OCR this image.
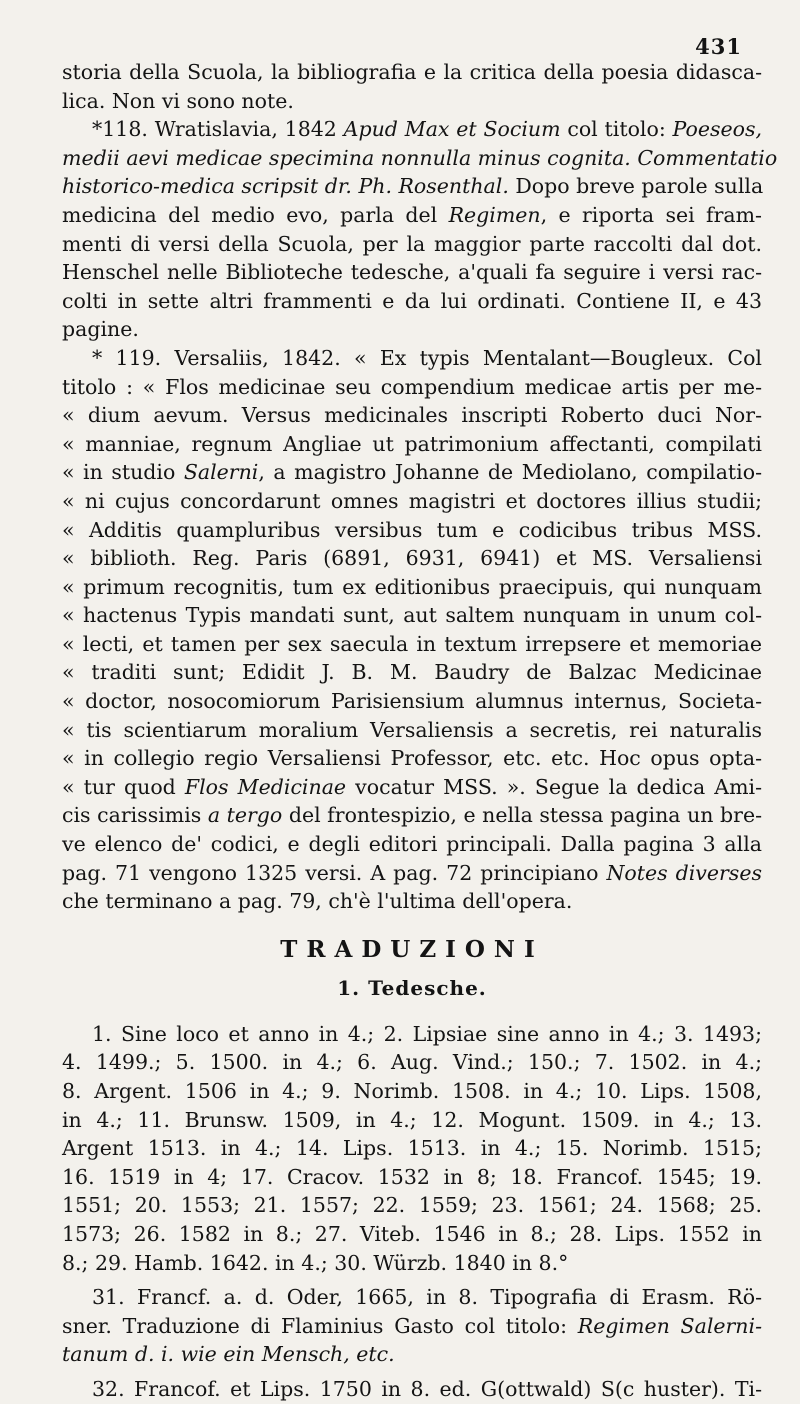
431
storia della Scuola, la bibliografia e la critica della poesia didasca-
lica. Non vi sono note.
*118. Wratislavia, 1842 Apud Max et Socium col titolo: Poeseos,
medii aevi medicae specimina nonnulla minus cognita. Commentatio
historico-medica scripsit dr. Ph. Rosenthal. Dopo breve parole sulla
medicina del medio evo, parla del Regimen, e riporta sei fram-
menti di versi della Scuola, per la maggior parte raccolti dal dot.
Henschel nelle Biblioteche tedesche, a'quali fa seguire i versi rac-
colti in sette altri frammenti e da lui ordinati. Contiene II, e 43
pagine.
* 119. Versaliis, 1842. « Ex typis Mentalant—Bougleux. Col
titolo : « Flos medicinae seu compendium medicae artis per me-
« dium aevum. Versus medicinales inscripti Roberto duci Nor-
« manniae, regnum Angliae ut patrimonium affectanti, compilati
« in studio Salerni, a magistro Johanne de Mediolano, compilatio-
« ni cujus concordarunt omnes magistri et doctores illius studii;
« Additis quampluribus versibus tum e codicibus tribus MSS.
« biblioth. Reg. Paris (6891, 6931, 6941) et MS. Versaliensi
« primum recognitis, tum ex editionibus praecipuis, qui nunquam
« hactenus Typis mandati sunt, aut saltem nunquam in unum col-
« lecti, et tamen per sex saecula in textum irrepsere et memoriae
« traditi sunt; Edidit J. B. M. Baudry de Balzac Medicinae
« doctor, nosocomiorum Parisiensium alumnus internus, Societa-
« tis scientiarum moralium Versaliensis a secretis, rei naturalis
« in collegio regio Versaliensi Professor, etc. etc. Hoc opus opta-
« tur quod Flos Medicinae vocatur MSS. ». Segue la dedica Ami-
cis carissimis a tergo del frontespizio, e nella stessa pagina un bre-
ve elenco de' codici, e degli editori principali. Dalla pagina 3 alla
pag. 71 vengono 1325 versi. A pag. 72 principiano Notes diverses
che terminano a pag. 79, ch'è l'ultima dell'opera.
TRADUZIONI
1. Tedesche.
1. Sine loco et anno in 4.; 2. Lipsiae sine anno in 4.; 3. 1493;
4. 1499.; 5. 1500. in 4.; 6. Aug. Vind.; 150.; 7. 1502. in 4.;
8. Argent. 1506 in 4.; 9. Norimb. 1508. in 4.; 10. Lips. 1508,
in 4.; 11. Brunsw. 1509, in 4.; 12. Mogunt. 1509. in 4.; 13.
Argent 1513. in 4.; 14. Lips. 1513. in 4.; 15. Norimb. 1515;
16. 1519 in 4; 17. Cracov. 1532 in 8; 18. Francof. 1545; 19.
1551; 20. 1553; 21. 1557; 22. 1559; 23. 1561; 24. 1568; 25.
1573; 26. 1582 in 8.; 27. Viteb. 1546 in 8.; 28. Lips. 1552 in
8.; 29. Hamb. 1642. in 4.; 30. Würzb. 1840 in 8.°
31. Francf. a. d. Oder, 1665, in 8. Tipografia di Erasm. Rö-
sner. Traduzione di Flaminius Gasto col titolo: Regimen Salerni-
tanum d. i. wie ein Mensch, etc.
32. Francof. et Lips. 1750 in 8. ed. G(ottwald) S(c huster). Ti-
